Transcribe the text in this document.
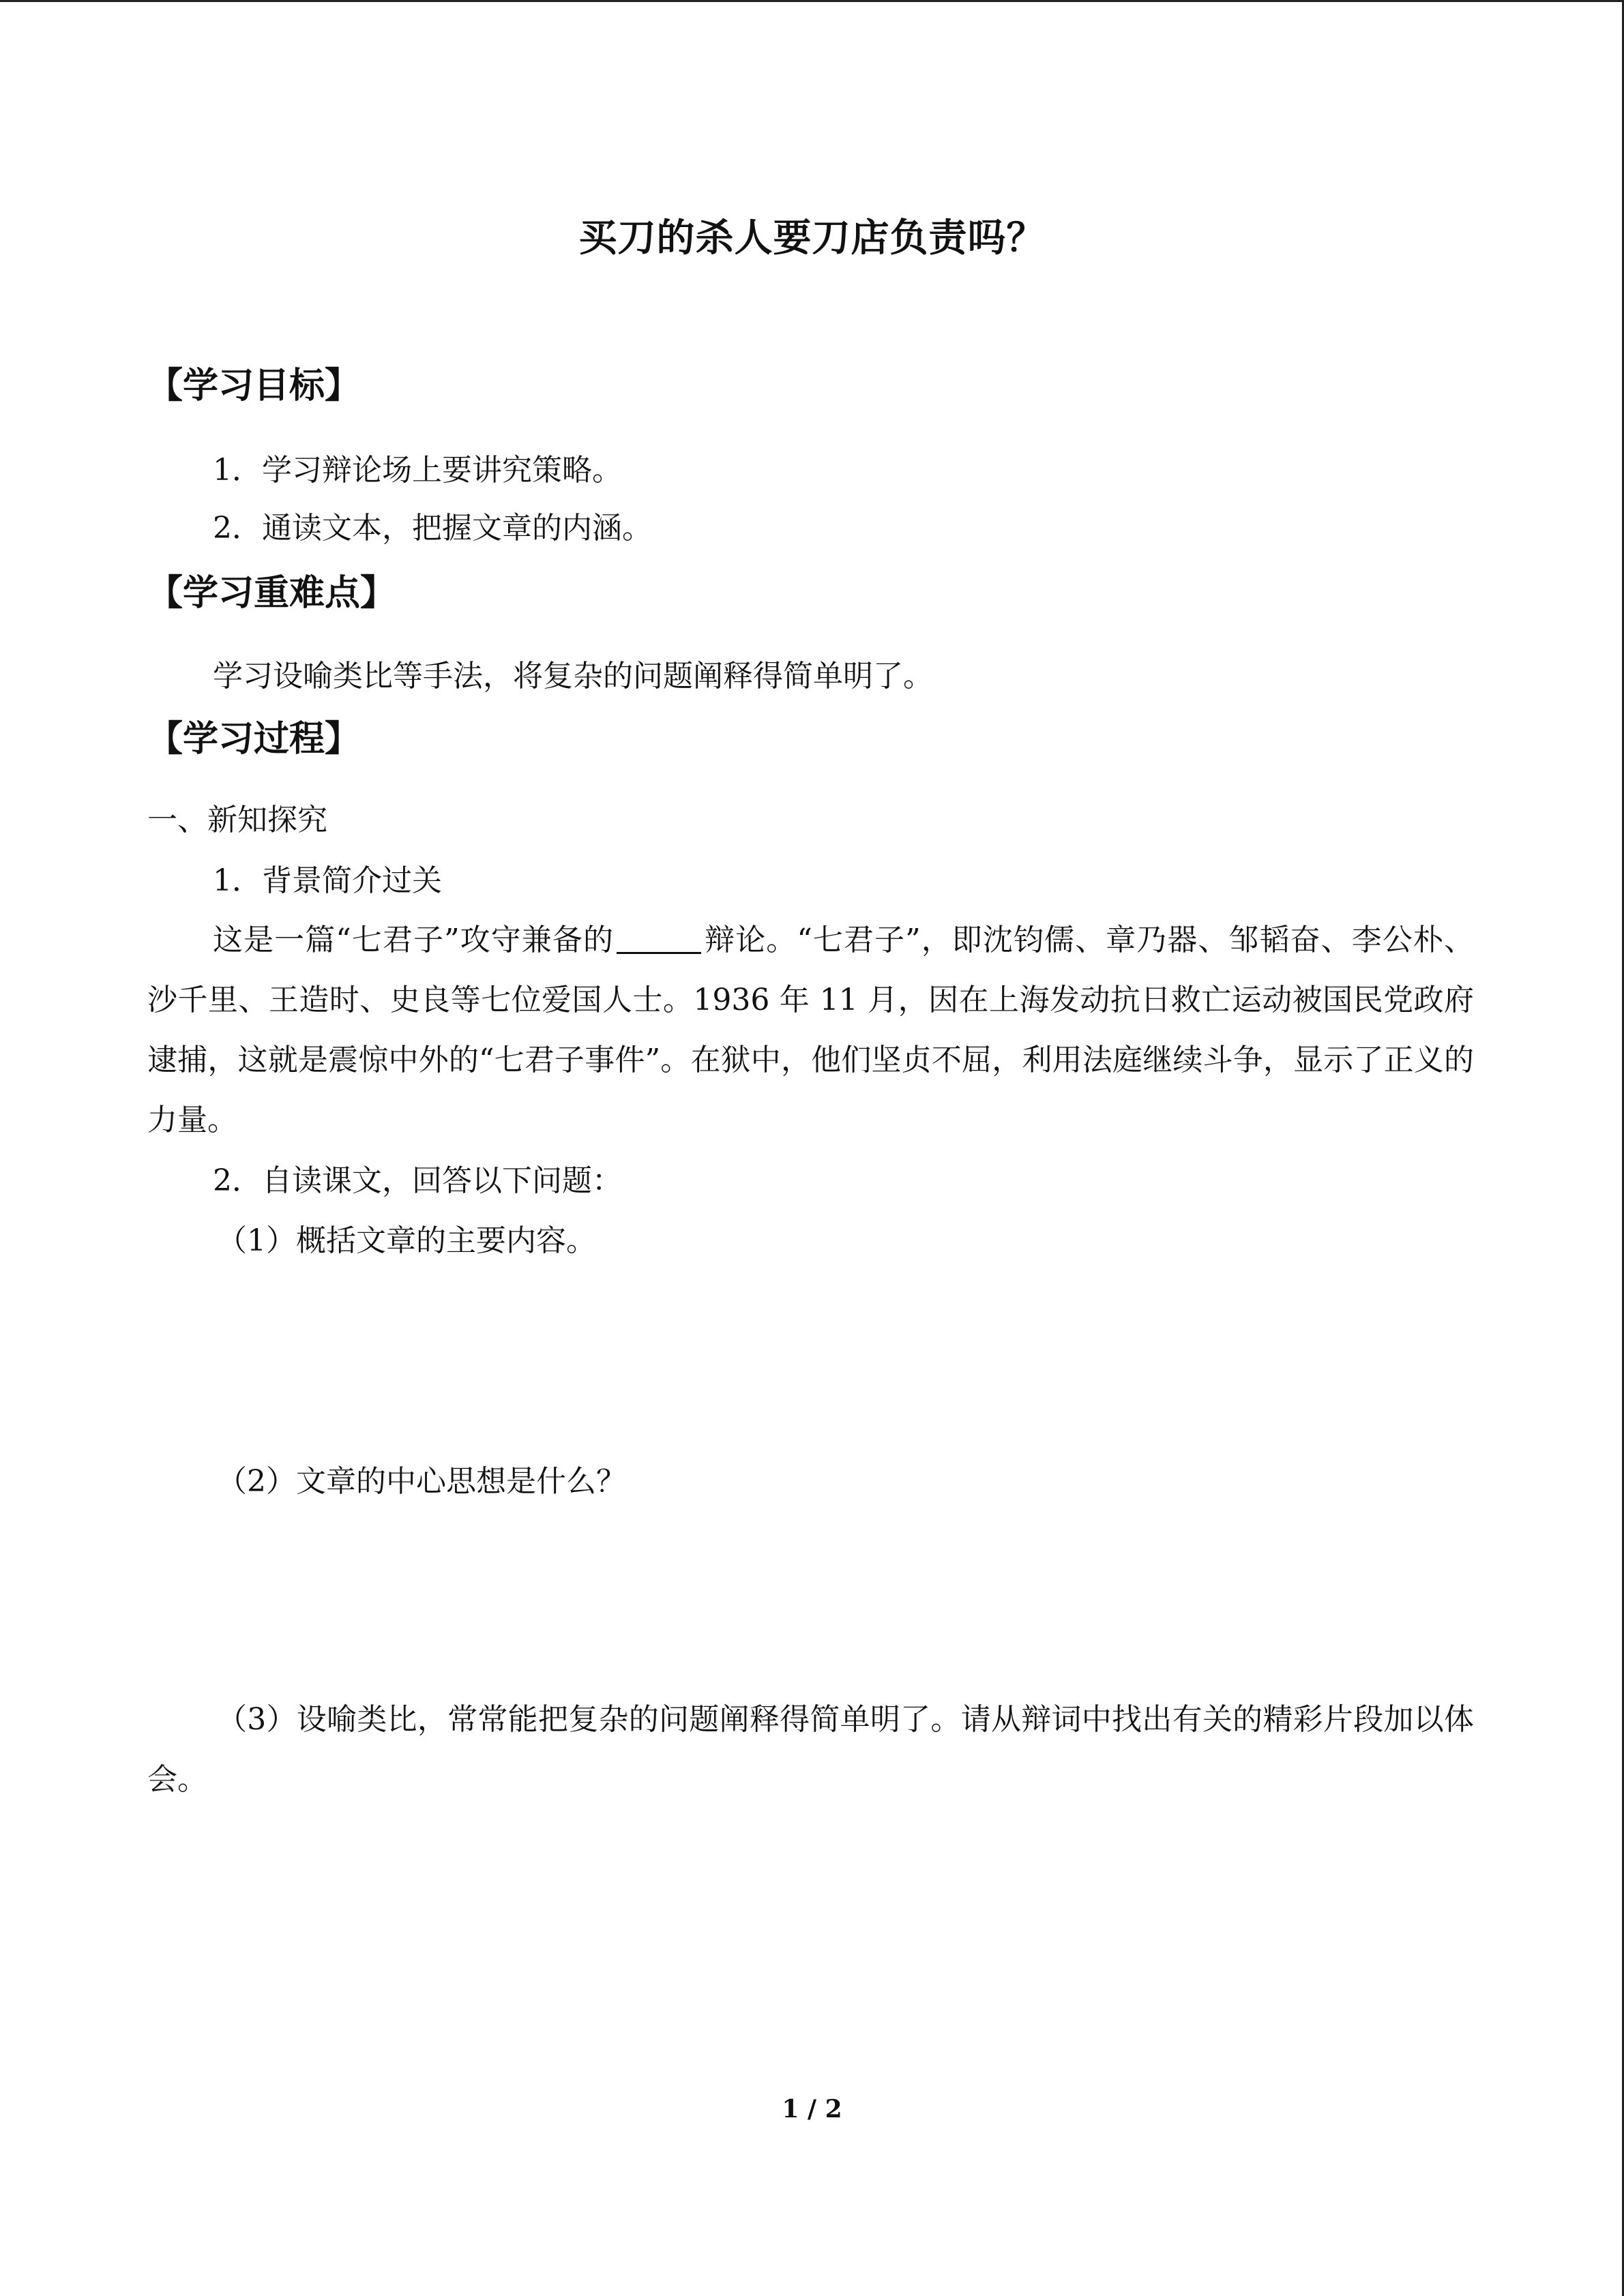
买刀的杀人要刀店负责吗？
【学习目标】
1．学习辩论场上要讲究策略。
2．通读文本，把握文章的内涵。
【学习重难点】
学习设喻类比等手法，将复杂的问题阐释得简单明了。
【学习过程】
一、新知探究
1．背景简介过关
这是一篇“七君子”攻守兼备的	辩论。“七君子”，即沈钧儒、章乃器、邹韬奋、李公朴、沙千里、王造时、史良等七位爱国人士。1936 年 11 月，因在上海发动抗日救亡运动被国民党政府逮捕，这就是震惊中外的“七君子事件”。在狱中，他们坚贞不屈，利用法庭继续斗争，显示了正义的力量。
2．自读课文，回答以下问题：
（1）概括文章的主要内容。
（2）文章的中心思想是什么？
（3）设喻类比，常常能把复杂的问题阐释得简单明了。请从辩词中找出有关的精彩片段加以体会。
1 / 2
